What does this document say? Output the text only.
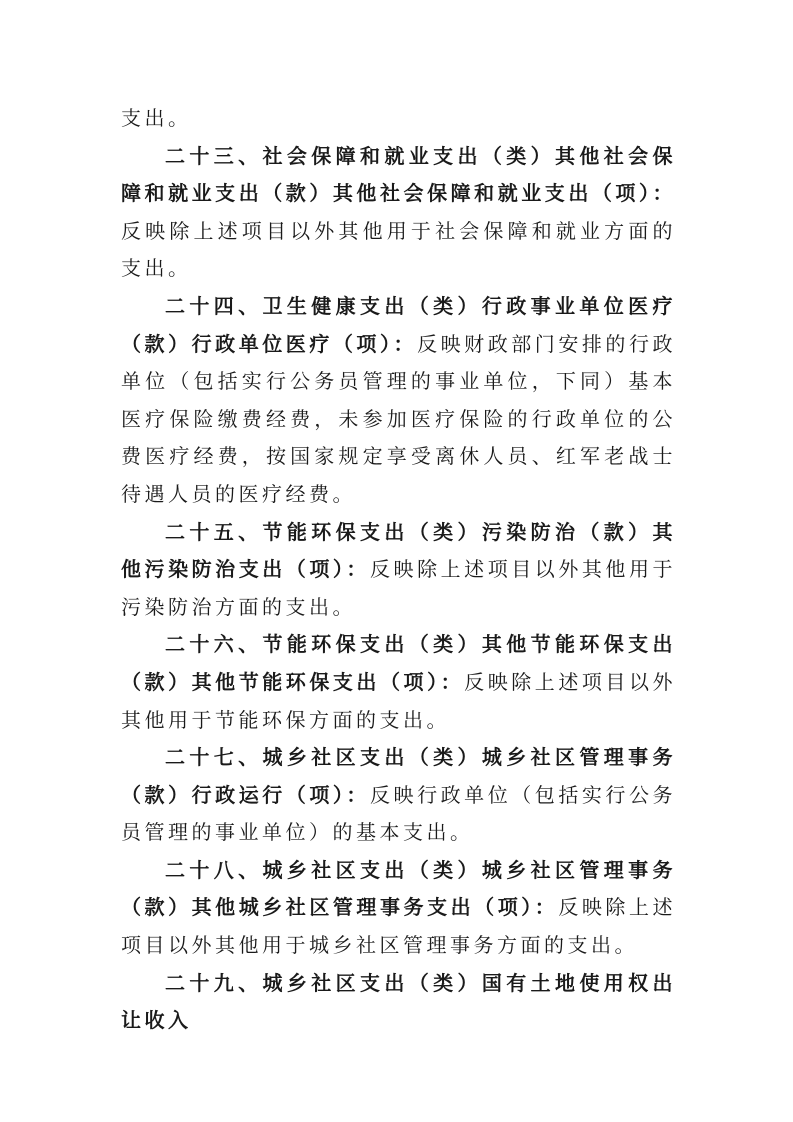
支出。

二十三、社会保障和就业支出（类）其他社会保障和就业支出（款）其他社会保障和就业支出（项）：反映除上述项目以外其他用于社会保障和就业方面的支出。

二十四、卫生健康支出（类）行政事业单位医疗（款）行政单位医疗（项）：反映财政部门安排的行政单位（包括实行公务员管理的事业单位，下同）基本医疗保险缴费经费，未参加医疗保险的行政单位的公费医疗经费，按国家规定享受离休人员、红军老战士待遇人员的医疗经费。

二十五、节能环保支出（类）污染防治（款）其他污染防治支出（项）：反映除上述项目以外其他用于污染防治方面的支出。

二十六、节能环保支出（类）其他节能环保支出（款）其他节能环保支出（项）：反映除上述项目以外其他用于节能环保方面的支出。

二十七、城乡社区支出（类）城乡社区管理事务（款）行政运行（项）：反映行政单位（包括实行公务员管理的事业单位）的基本支出。

二十八、城乡社区支出（类）城乡社区管理事务（款）其他城乡社区管理事务支出（项）：反映除上述项目以外其他用于城乡社区管理事务方面的支出。

二十九、城乡社区支出（类）国有土地使用权出让收入
